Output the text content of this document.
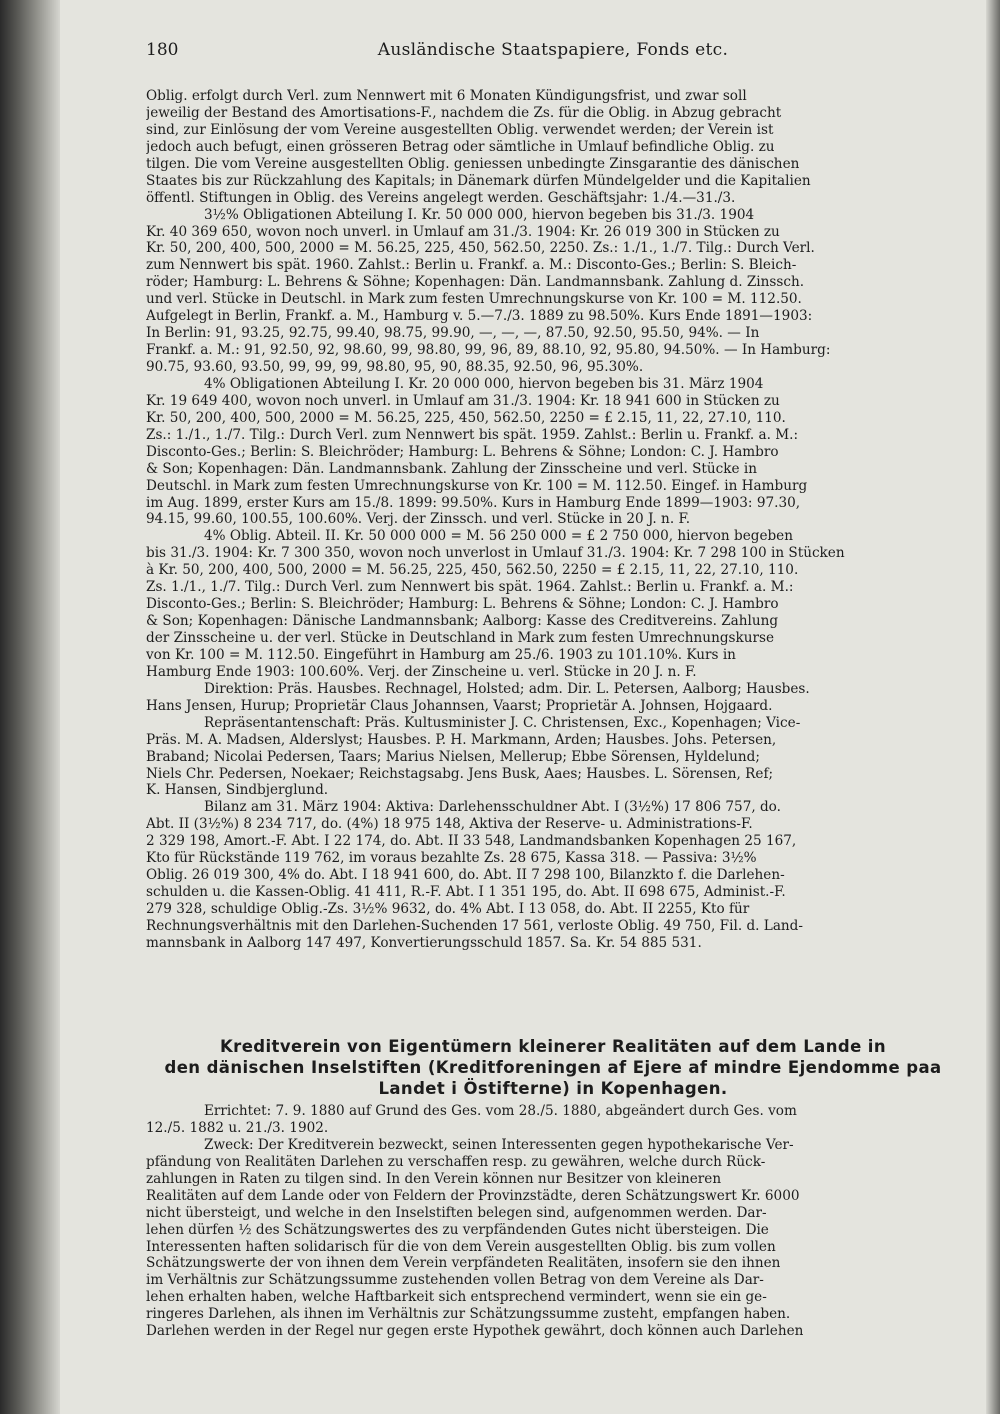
Ausländische Staatspapiere, Fonds etc.
180
Oblig. erfolgt durch Verl. zum Nennwert mit 6 Monaten Kündigungsfrist, und zwar soll
jeweilig der Bestand des Amortisations-F., nachdem die Zs. für die Oblig. in Abzug gebracht
sind, zur Einlösung der vom Vereine ausgestellten Oblig. verwendet werden; der Verein ist
jedoch auch befugt, einen grösseren Betrag oder sämtliche in Umlauf befindliche Oblig. zu
tilgen. Die vom Vereine ausgestellten Oblig. geniessen unbedingte Zinsgarantie des dänischen
Staates bis zur Rückzahlung des Kapitals; in Dänemark dürfen Mündelgelder und die Kapitalien
öffentl. Stiftungen in Oblig. des Vereins angelegt werden. Geschäftsjahr: 1./4.—31./3.
3½% Obligationen Abteilung I. Kr. 50 000 000, hiervon begeben bis 31./3. 1904
Kr. 40 369 650, wovon noch unverl. in Umlauf am 31./3. 1904: Kr. 26 019 300 in Stücken zu
Kr. 50, 200, 400, 500, 2000 = M. 56.25, 225, 450, 562.50, 2250. Zs.: 1./1., 1./7. Tilg.: Durch Verl.
zum Nennwert bis spät. 1960. Zahlst.: Berlin u. Frankf. a. M.: Disconto-Ges.; Berlin: S. Bleich-
röder; Hamburg: L. Behrens & Söhne; Kopenhagen: Dän. Landmannsbank. Zahlung d. Zinssch.
und verl. Stücke in Deutschl. in Mark zum festen Umrechnungskurse von Kr. 100 = M. 112.50.
Aufgelegt in Berlin, Frankf. a. M., Hamburg v. 5.—7./3. 1889 zu 98.50%. Kurs Ende 1891—1903:
In Berlin: 91, 93.25, 92.75, 99.40, 98.75, 99.90, —, —, —, 87.50, 92.50, 95.50, 94%. — In
Frankf. a. M.: 91, 92.50, 92, 98.60, 99, 98.80, 99, 96, 89, 88.10, 92, 95.80, 94.50%. — In Hamburg:
90.75, 93.60, 93.50, 99, 99, 99, 98.80, 95, 90, 88.35, 92.50, 96, 95.30%.
4% Obligationen Abteilung I. Kr. 20 000 000, hiervon begeben bis 31. März 1904
Kr. 19 649 400, wovon noch unverl. in Umlauf am 31./3. 1904: Kr. 18 941 600 in Stücken zu
Kr. 50, 200, 400, 500, 2000 = M. 56.25, 225, 450, 562.50, 2250 = £ 2.15, 11, 22, 27.10, 110.
Zs.: 1./1., 1./7. Tilg.: Durch Verl. zum Nennwert bis spät. 1959. Zahlst.: Berlin u. Frankf. a. M.:
Disconto-Ges.; Berlin: S. Bleichröder; Hamburg: L. Behrens & Söhne; London: C. J. Hambro
& Son; Kopenhagen: Dän. Landmannsbank. Zahlung der Zinsscheine und verl. Stücke in
Deutschl. in Mark zum festen Umrechnungskurse von Kr. 100 = M. 112.50. Eingef. in Hamburg
im Aug. 1899, erster Kurs am 15./8. 1899: 99.50%. Kurs in Hamburg Ende 1899—1903: 97.30,
94.15, 99.60, 100.55, 100.60%. Verj. der Zinssch. und verl. Stücke in 20 J. n. F.
4% Oblig. Abteil. II. Kr. 50 000 000 = M. 56 250 000 = £ 2 750 000, hiervon begeben
bis 31./3. 1904: Kr. 7 300 350, wovon noch unverlost in Umlauf 31./3. 1904: Kr. 7 298 100 in Stücken
à Kr. 50, 200, 400, 500, 2000 = M. 56.25, 225, 450, 562.50, 2250 = £ 2.15, 11, 22, 27.10, 110.
Zs. 1./1., 1./7. Tilg.: Durch Verl. zum Nennwert bis spät. 1964. Zahlst.: Berlin u. Frankf. a. M.:
Disconto-Ges.; Berlin: S. Bleichröder; Hamburg: L. Behrens & Söhne; London: C. J. Hambro
& Son; Kopenhagen: Dänische Landmannsbank; Aalborg: Kasse des Creditvereins. Zahlung
der Zinsscheine u. der verl. Stücke in Deutschland in Mark zum festen Umrechnungskurse
von Kr. 100 = M. 112.50. Eingeführt in Hamburg am 25./6. 1903 zu 101.10%. Kurs in
Hamburg Ende 1903: 100.60%. Verj. der Zinscheine u. verl. Stücke in 20 J. n. F.
Direktion: Präs. Hausbes. Rechnagel, Holsted; adm. Dir. L. Petersen, Aalborg; Hausbes.
Hans Jensen, Hurup; Proprietär Claus Johannsen, Vaarst; Proprietär A. Johnsen, Hojgaard.
Repräsentantenschaft: Präs. Kultusminister J. C. Christensen, Exc., Kopenhagen; Vice-
Präs. M. A. Madsen, Alderslyst; Hausbes. P. H. Markmann, Arden; Hausbes. Johs. Petersen,
Braband; Nicolai Pedersen, Taars; Marius Nielsen, Mellerup; Ebbe Sörensen, Hyldelund;
Niels Chr. Pedersen, Noekaer; Reichstagsabg. Jens Busk, Aaes; Hausbes. L. Sörensen, Ref;
K. Hansen, Sindbjerglund.
Bilanz am 31. März 1904: Aktiva: Darlehensschuldner Abt. I (3½%) 17 806 757, do.
Abt. II (3½%) 8 234 717, do. (4%) 18 975 148, Aktiva der Reserve- u. Administrations-F.
2 329 198, Amort.-F. Abt. I 22 174, do. Abt. II 33 548, Landmandsbanken Kopenhagen 25 167,
Kto für Rückstände 119 762, im voraus bezahlte Zs. 28 675, Kassa 318. — Passiva: 3½%
Oblig. 26 019 300, 4% do. Abt. I 18 941 600, do. Abt. II 7 298 100, Bilanzkto f. die Darlehen-
schulden u. die Kassen-Oblig. 41 411, R.-F. Abt. I 1 351 195, do. Abt. II 698 675, Administ.-F.
279 328, schuldige Oblig.-Zs. 3½% 9632, do. 4% Abt. I 13 058, do. Abt. II 2255, Kto für
Rechnungsverhältnis mit den Darlehen-Suchenden 17 561, verloste Oblig. 49 750, Fil. d. Land-
mannsbank in Aalborg 147 497, Konvertierungsschuld 1857. Sa. Kr. 54 885 531.
Kreditverein von Eigentümern kleinerer Realitäten auf dem Lande in
den dänischen Inselstiften (Kreditforeningen af Ejere af mindre Ejendomme paa
Landet i Östifterne) in Kopenhagen.
Errichtet: 7. 9. 1880 auf Grund des Ges. vom 28./5. 1880, abgeändert durch Ges. vom
12./5. 1882 u. 21./3. 1902.
Zweck: Der Kreditverein bezweckt, seinen Interessenten gegen hypothekarische Ver-
pfändung von Realitäten Darlehen zu verschaffen resp. zu gewähren, welche durch Rück-
zahlungen in Raten zu tilgen sind. In den Verein können nur Besitzer von kleineren
Realitäten auf dem Lande oder von Feldern der Provinzstädte, deren Schätzungswert Kr. 6000
nicht übersteigt, und welche in den Inselstiften belegen sind, aufgenommen werden. Dar-
lehen dürfen ½ des Schätzungswertes des zu verpfändenden Gutes nicht übersteigen. Die
Interessenten haften solidarisch für die von dem Verein ausgestellten Oblig. bis zum vollen
Schätzungswerte der von ihnen dem Verein verpfändeten Realitäten, insofern sie den ihnen
im Verhältnis zur Schätzungssumme zustehenden vollen Betrag von dem Vereine als Dar-
lehen erhalten haben, welche Haftbarkeit sich entsprechend vermindert, wenn sie ein ge-
ringeres Darlehen, als ihnen im Verhältnis zur Schätzungssumme zusteht, empfangen haben.
Darlehen werden in der Regel nur gegen erste Hypothek gewährt, doch können auch Darlehen
